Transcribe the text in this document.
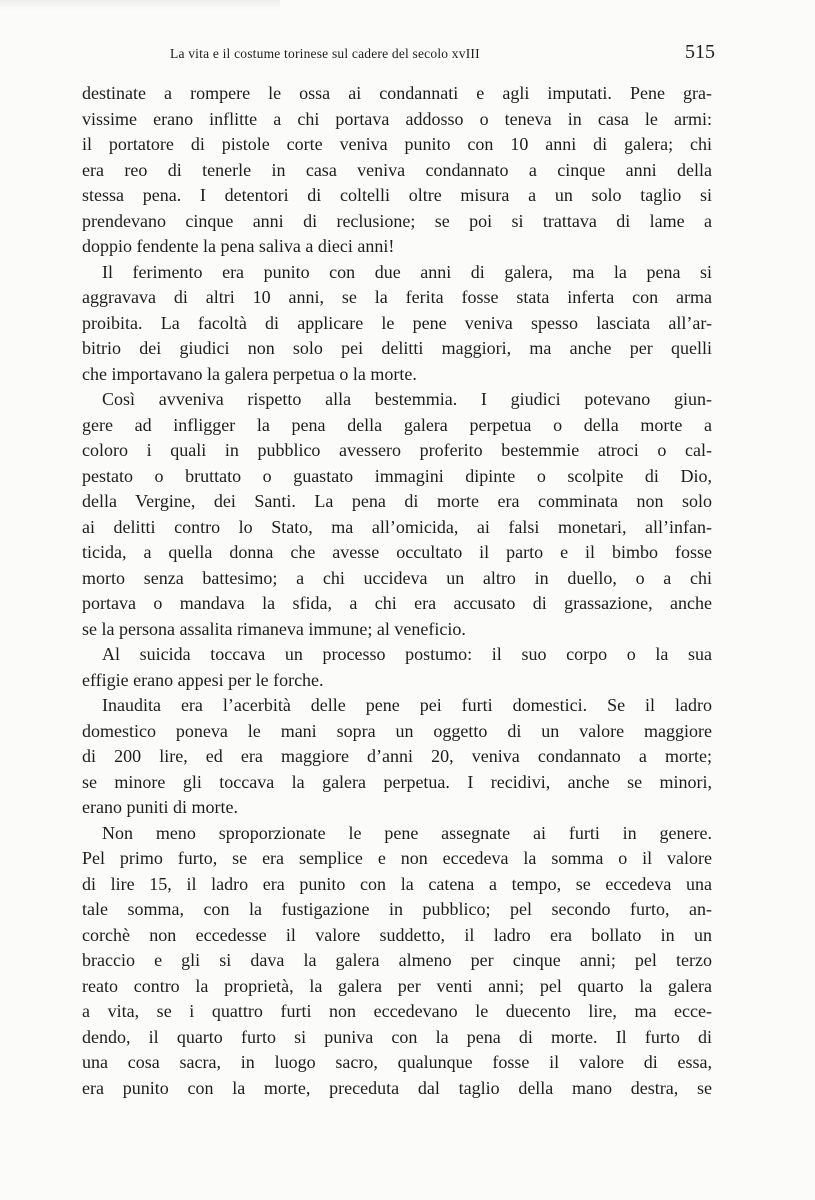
La vita e il costume torinese sul cadere del secolo xvIII	515

destinate a rompere le ossa ai condannati e agli imputati. Pene gra-
vissime erano inflitte a chi portava addosso o teneva in casa le armi:
il portatore di pistole corte veniva punito con 10 anni di galera; chi
era reo di tenerle in casa veniva condannato a cinque anni della
stessa pena. I detentori di coltelli oltre misura a un solo taglio si
prendevano cinque anni di reclusione; se poi si trattava di lame a
doppio fendente la pena saliva a dieci anni!

Il ferimento era punito con due anni di galera, ma la pena si
aggravava di altri 10 anni, se la ferita fosse stata inferta con arma
proibita. La facoltà di applicare le pene veniva spesso lasciata all’ar-
bitrio dei giudici non solo pei delitti maggiori, ma anche per quelli
che importavano la galera perpetua o la morte.

Così avveniva rispetto alla bestemmia. I giudici potevano giun-
gere ad infligger la pena della galera perpetua o della morte a
coloro i quali in pubblico avessero proferito bestemmie atroci o cal-
pestato o bruttato o guastato immagini dipinte o scolpite di Dio,
della Vergine, dei Santi. La pena di morte era comminata non solo
ai delitti contro lo Stato, ma all’omicida, ai falsi monetari, all’infan-
ticida, a quella donna che avesse occultato il parto e il bimbo fosse
morto senza battesimo; a chi uccideva un altro in duello, o a chi
portava o mandava la sfida, a chi era accusato di grassazione, anche
se la persona assalita rimaneva immune; al veneficio.

Al suicida toccava un processo postumo: il suo corpo o la sua
effigie erano appesi per le forche.

Inaudita era l’acerbità delle pene pei furti domestici. Se il ladro
domestico poneva le mani sopra un oggetto di un valore maggiore
di 200 lire, ed era maggiore d’anni 20, veniva condannato a morte;
se minore gli toccava la galera perpetua. I recidivi, anche se minori,
erano puniti di morte.

Non meno sproporzionate le pene assegnate ai furti in genere.
Pel primo furto, se era semplice e non eccedeva la somma o il valore
di lire 15, il ladro era punito con la catena a tempo, se eccedeva una
tale somma, con la fustigazione in pubblico; pel secondo furto, an-
corchè non eccedesse il valore suddetto, il ladro era bollato in un
braccio e gli si dava la galera almeno per cinque anni; pel terzo
reato contro la proprietà, la galera per venti anni; pel quarto la galera
a vita, se i quattro furti non eccedevano le duecento lire, ma ecce-
dendo, il quarto furto si puniva con la pena di morte. Il furto di
una cosa sacra, in luogo sacro, qualunque fosse il valore di essa,
era punito con la morte, preceduta dal taglio della mano destra, se
